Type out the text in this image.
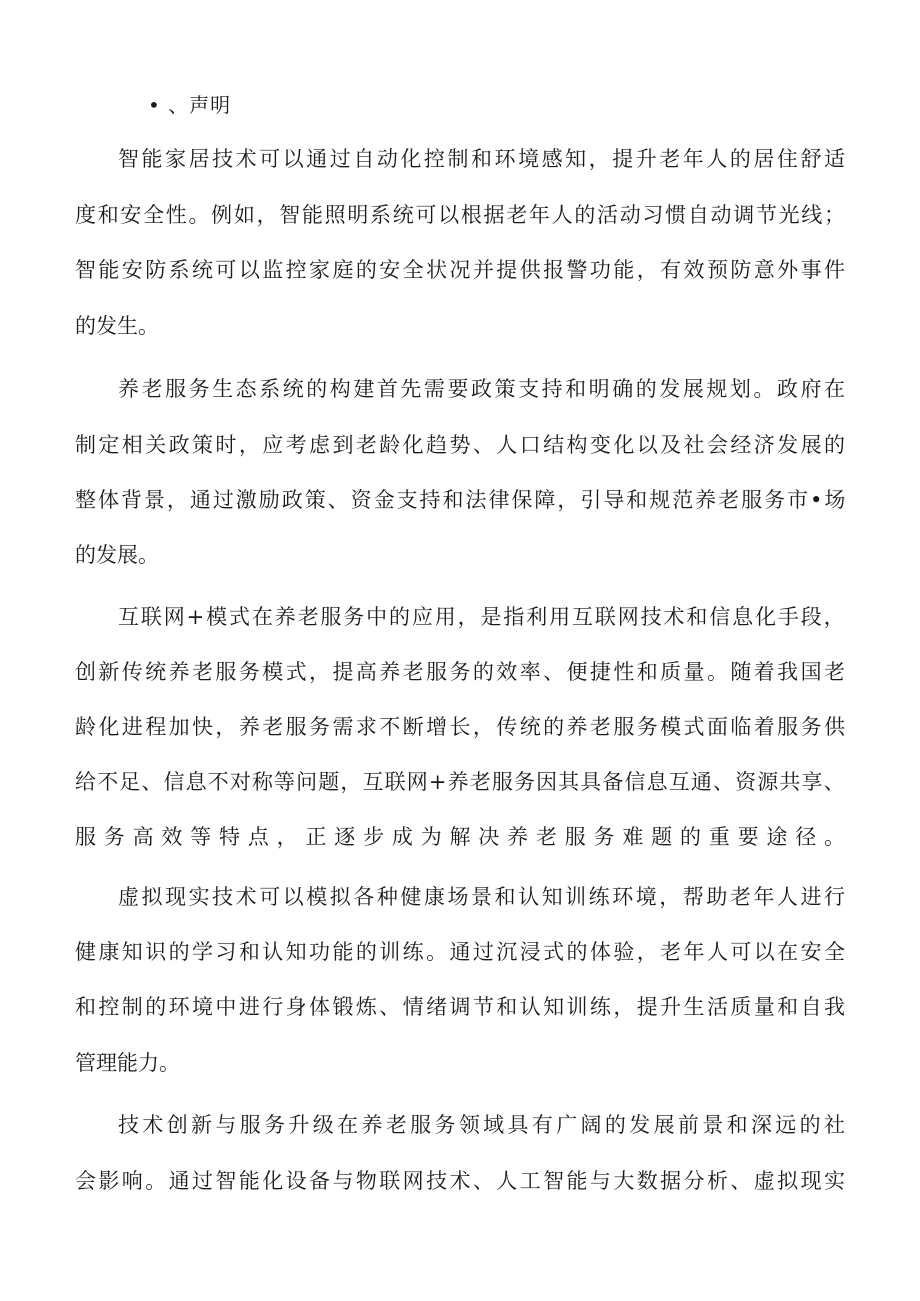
• 、声明
智能家居技术可以通过自动化控制和环境感知，提升老年人的居住舒适
度和安全性。例如，智能照明系统可以根据老年人的活动习惯自动调节光线；
智能安防系统可以监控家庭的安全状况并提供报警功能，有效预防意外事件
的发生。
养老服务生态系统的构建首先需要政策支持和明确的发展规划。政府在
制定相关政策时，应考虑到老龄化趋势、人口结构变化以及社会经济发展的
整体背景，通过激励政策、资金支持和法律保障，引导和规范养老服务市•场
的发展。
互联网+模式在养老服务中的应用，是指利用互联网技术和信息化手段，
创新传统养老服务模式，提高养老服务的效率、便捷性和质量。随着我国老
龄化进程加快，养老服务需求不断增长，传统的养老服务模式面临着服务供
给不足、信息不对称等问题，互联网+养老服务因其具备信息互通、资源共享、
服务高效等特点，正逐步成为解决养老服务难题的重要途径。
虚拟现实技术可以模拟各种健康场景和认知训练环境，帮助老年人进行
健康知识的学习和认知功能的训练。通过沉浸式的体验，老年人可以在安全
和控制的环境中进行身体锻炼、情绪调节和认知训练，提升生活质量和自我
管理能力。
技术创新与服务升级在养老服务领域具有广阔的发展前景和深远的社
会影响。通过智能化设备与物联网技术、人工智能与大数据分析、虚拟现实
